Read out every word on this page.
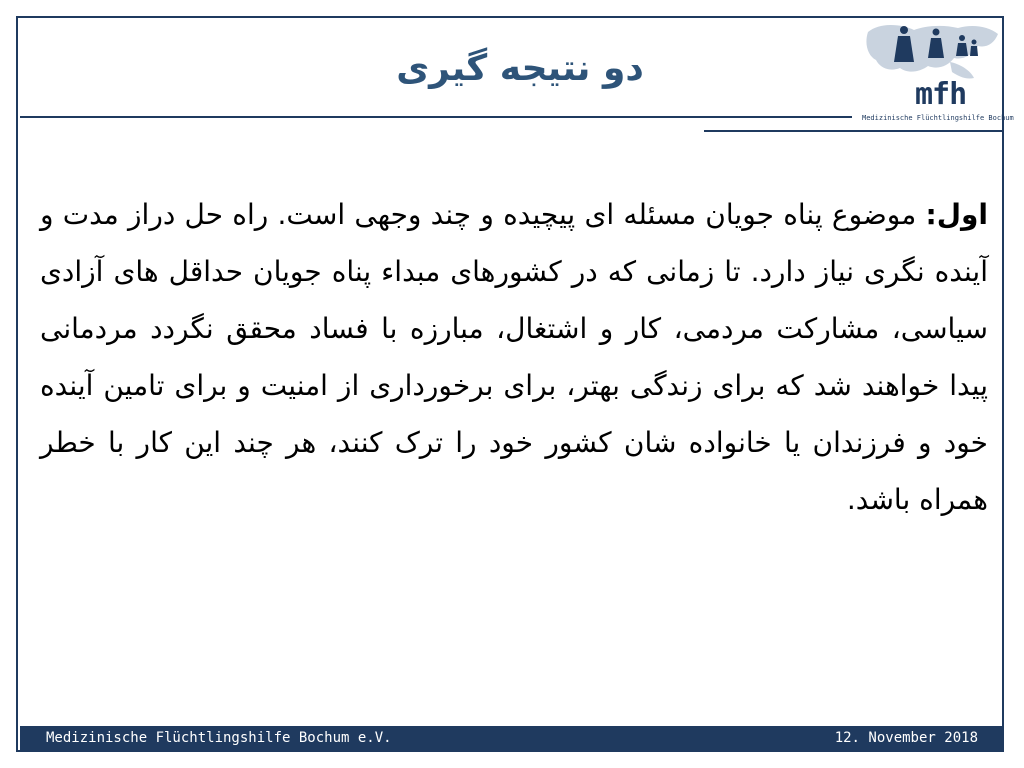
دو نتیجه گیری
mfh
Medizinische Flüchtlingshilfe Bochum
اول: موضوع پناه جویان مسئله ای پیچیده و چند وجهی است. راه حل دراز مدت و آینده نگری نیاز دارد. تا زمانی که در کشورهای مبداء پناه جویان حداقل های آزادی سیاسی، مشارکت مردمی، کار و اشتغال، مبارزه با فساد محقق نگردد مردمانی پیدا خواهند شد که برای زندگی بهتر، برای برخورداری از امنیت و برای تامین آینده خود و فرزندان یا خانواده شان کشور خود را ترک کنند، هر چند این کار با خطر همراه باشد.
Medizinische Flüchtlingshilfe Bochum e.V.	12. November 2018
